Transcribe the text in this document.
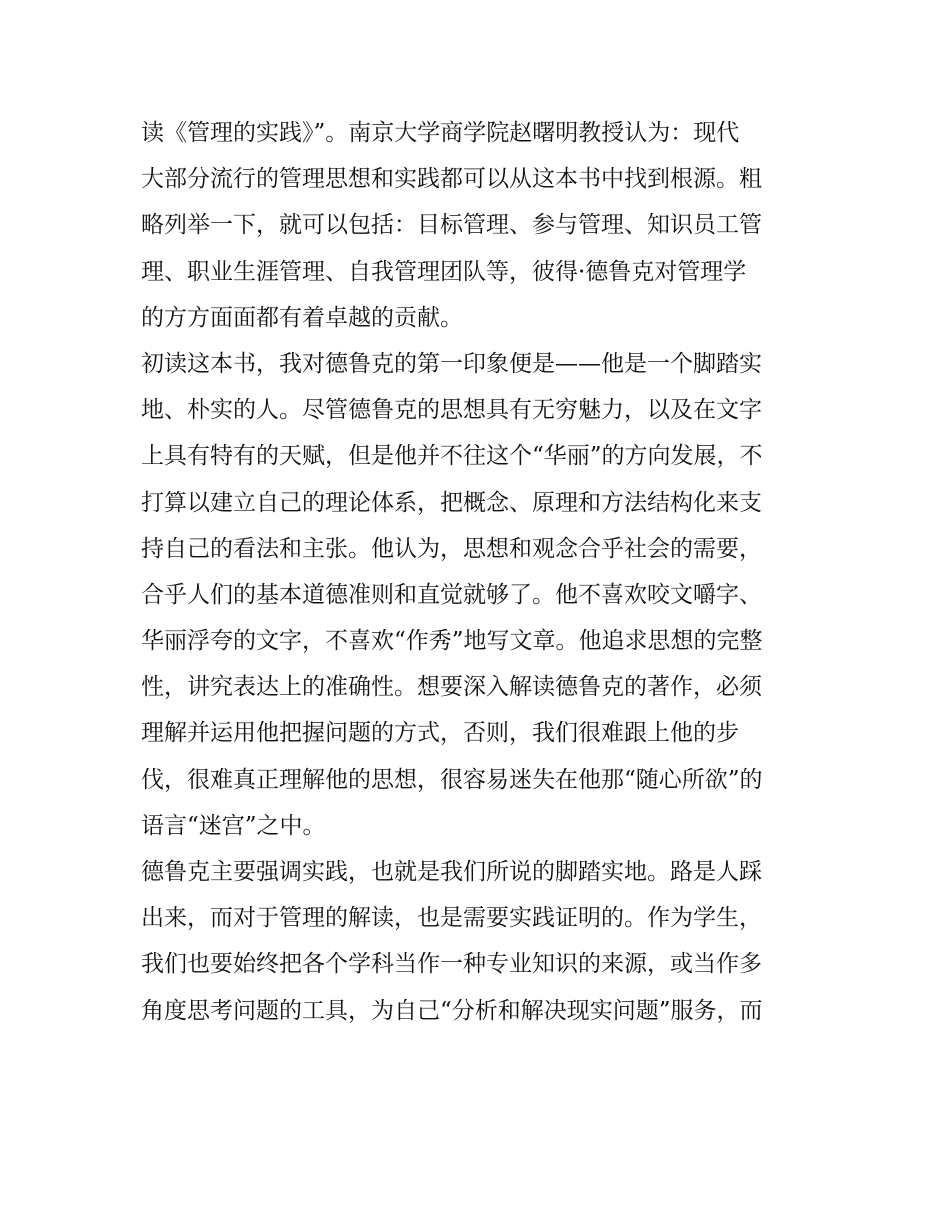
读《管理的实践》”。南京大学商学院赵曙明教授认为：现代
大部分流行的管理思想和实践都可以从这本书中找到根源。粗
略列举一下，就可以包括：目标管理、参与管理、知识员工管
理、职业生涯管理、自我管理团队等，彼得·德鲁克对管理学
的方方面面都有着卓越的贡献。
初读这本书，我对德鲁克的第一印象便是——他是一个脚踏实
地、朴实的人。尽管德鲁克的思想具有无穷魅力，以及在文字
上具有特有的天赋，但是他并不往这个“华丽”的方向发展，不
打算以建立自己的理论体系，把概念、原理和方法结构化来支
持自己的看法和主张。他认为，思想和观念合乎社会的需要，
合乎人们的基本道德准则和直觉就够了。他不喜欢咬文嚼字、
华丽浮夸的文字，不喜欢“作秀”地写文章。他追求思想的完整
性，讲究表达上的准确性。想要深入解读德鲁克的著作，必须
理解并运用他把握问题的方式，否则，我们很难跟上他的步
伐，很难真正理解他的思想，很容易迷失在他那“随心所欲”的
语言“迷宫”之中。
德鲁克主要强调实践，也就是我们所说的脚踏实地。路是人踩
出来，而对于管理的解读，也是需要实践证明的。作为学生，
我们也要始终把各个学科当作一种专业知识的来源，或当作多
角度思考问题的工具，为自己“分析和解决现实问题”服务，而
